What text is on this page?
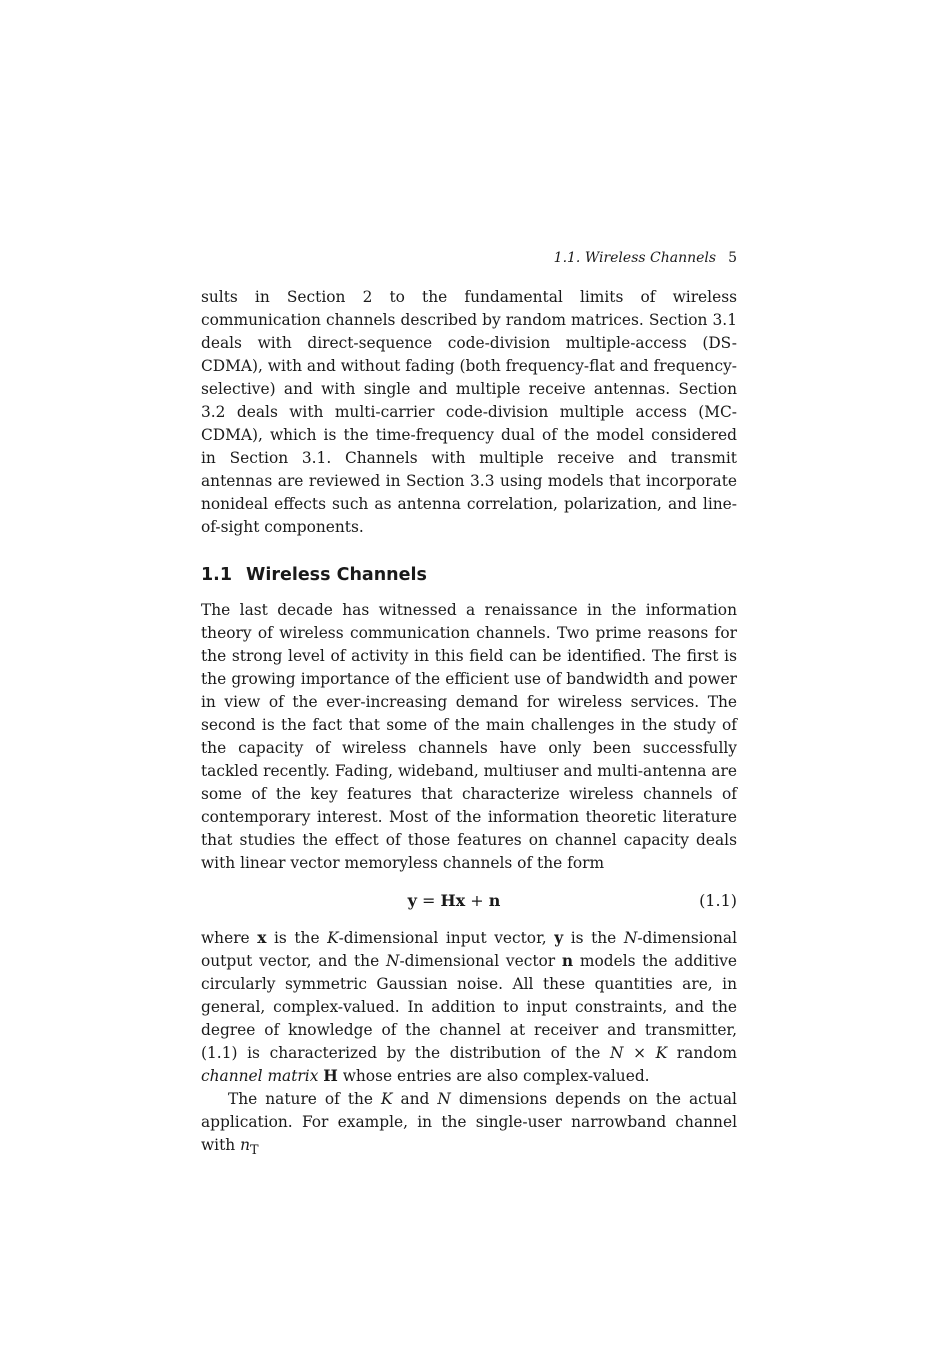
1.1. Wireless Channels 5

sults in Section 2 to the fundamental limits of wireless communication channels described by random matrices. Section 3.1 deals with direct-sequence code-division multiple-access (DS-CDMA), with and without fading (both frequency-flat and frequency-selective) and with single and multiple receive antennas. Section 3.2 deals with multi-carrier code-division multiple access (MC-CDMA), which is the time-frequency dual of the model considered in Section 3.1. Channels with multiple receive and transmit antennas are reviewed in Section 3.3 using models that incorporate nonideal effects such as antenna correlation, polarization, and line-of-sight components.

1.1 Wireless Channels

The last decade has witnessed a renaissance in the information theory of wireless communication channels. Two prime reasons for the strong level of activity in this field can be identified. The first is the growing importance of the efficient use of bandwidth and power in view of the ever-increasing demand for wireless services. The second is the fact that some of the main challenges in the study of the capacity of wireless channels have only been successfully tackled recently. Fading, wideband, multiuser and multi-antenna are some of the key features that characterize wireless channels of contemporary interest. Most of the information theoretic literature that studies the effect of those features on channel capacity deals with linear vector memoryless channels of the form

y = Hx + n	(1.1)

where x is the K-dimensional input vector, y is the N-dimensional output vector, and the N-dimensional vector n models the additive circularly symmetric Gaussian noise. All these quantities are, in general, complex-valued. In addition to input constraints, and the degree of knowledge of the channel at receiver and transmitter, (1.1) is characterized by the distribution of the N × K random channel matrix H whose entries are also complex-valued.

The nature of the K and N dimensions depends on the actual application. For example, in the single-user narrowband channel with $n_T$
